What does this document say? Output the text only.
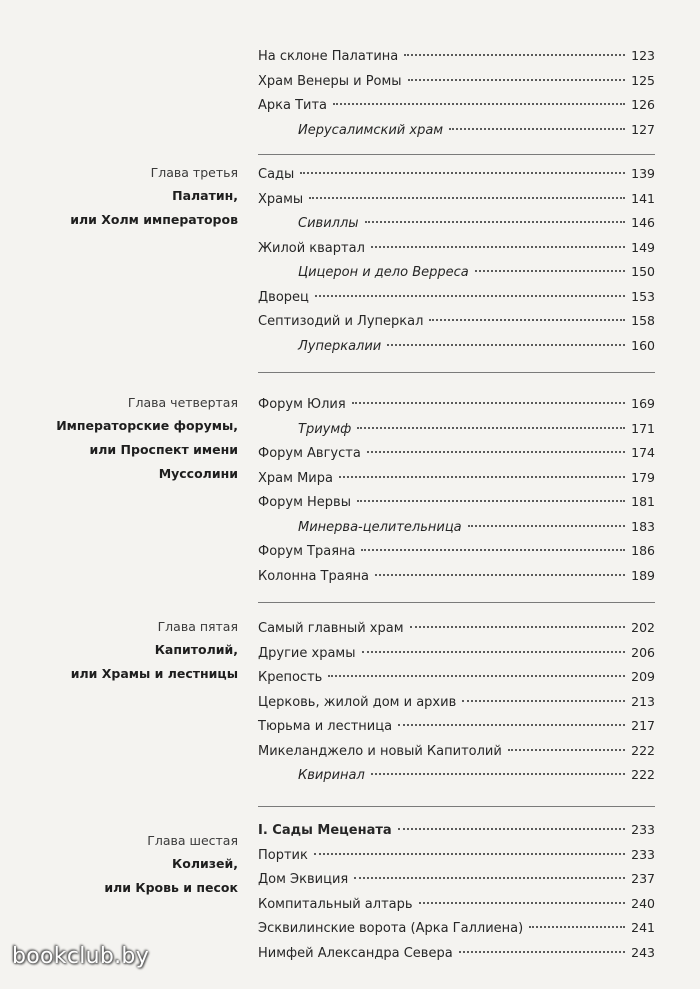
На склоне Палатина	123
Храм Венеры и Ромы	125
Арка Тита	126
Иерусалимский храм	127
Глава третья
Палатин,
или Холм императоров
Сады	139
Храмы	141
Сивиллы	146
Жилой квартал	149
Цицерон и дело Верреса	150
Дворец	153
Септизодий и Луперкал	158
Луперкалии	160
Глава четвертая
Императорские форумы,
или Проспект имени
Муссолини
Форум Юлия	169
Триумф	171
Форум Августа	174
Храм Мира	179
Форум Нервы	181
Минерва-целительница	183
Форум Траяна	186
Колонна Траяна	189
Глава пятая
Капитолий,
или Храмы и лестницы
Самый главный храм	202
Другие храмы	206
Крепость	209
Церковь, жилой дом и архив	213
Тюрьма и лестница	217
Микеланджело и новый Капитолий	222
Квиринал	222
Глава шестая
Колизей,
или Кровь и песок
I. Сады Мецената	233
Портик	233
Дом Эквиция	237
Компитальный алтарь	240
Эсквилинские ворота (Арка Галлиена)	241
Нимфей Александра Севера	243
bookclub.by
